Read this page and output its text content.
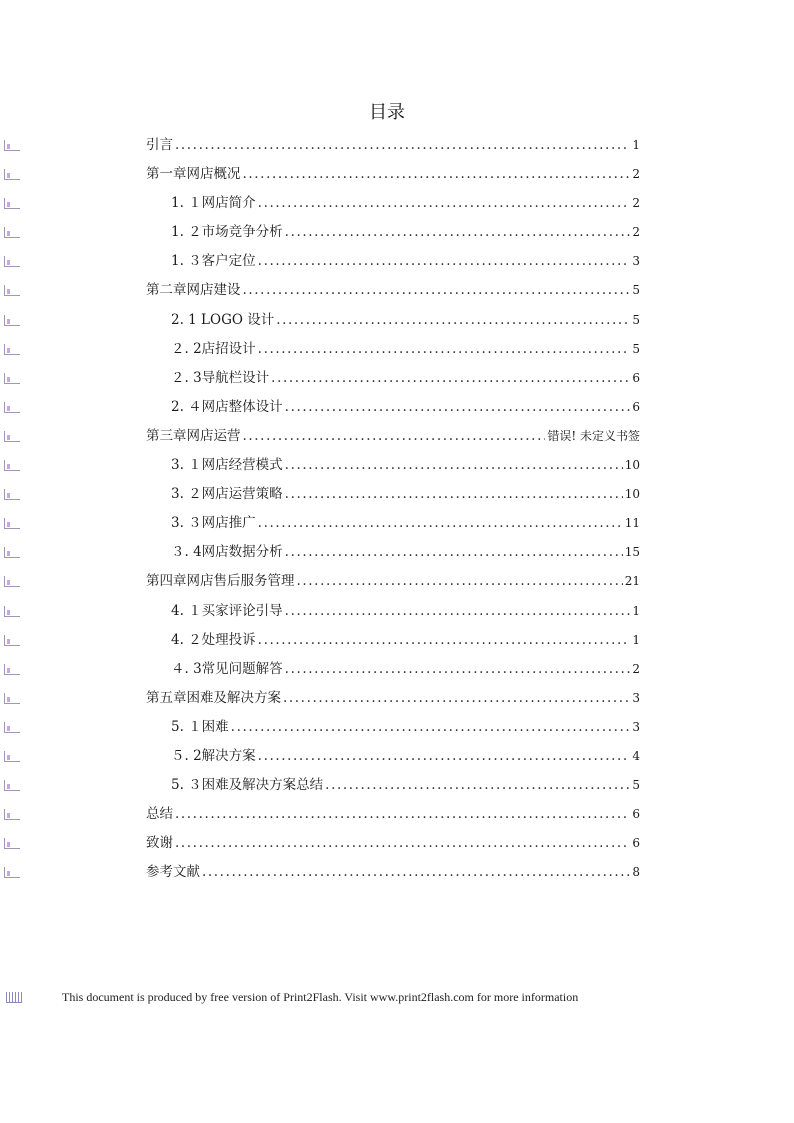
目录
引言 .....	1
第一章网店概况 .....	2
1. １网店简介 .....	2
1. ２市场竞争分析 .....	2
1. ３客户定位 .....	3
第二章网店建设 .....	5
2. 1 LOGO 设计 .....	5
２. 2店招设计 .....	5
２. 3导航栏设计 .....	6
2. ４网店整体设计 .....	6
第三章网店运营 .....	错误! 未定义书签
3. １网店经营模式 .....	10
3. ２网店运营策略 .....	10
3. ３网店推广 .....	11
３. 4网店数据分析 .....	15
第四章网店售后服务管理 .....	21
4. １买家评论引导 .....	1
4. ２处理投诉 .....	1
４. 3常见问题解答 .....	2
第五章困难及解决方案 .....	3
5. １困难 .....	3
５. 2解决方案 .....	4
5. ３困难及解决方案总结 .....	5
总结 .....	6
致谢 .....	6
参考文献 .....	8
This document is produced by free version of Print2Flash. Visit www.print2flash.com for more information
